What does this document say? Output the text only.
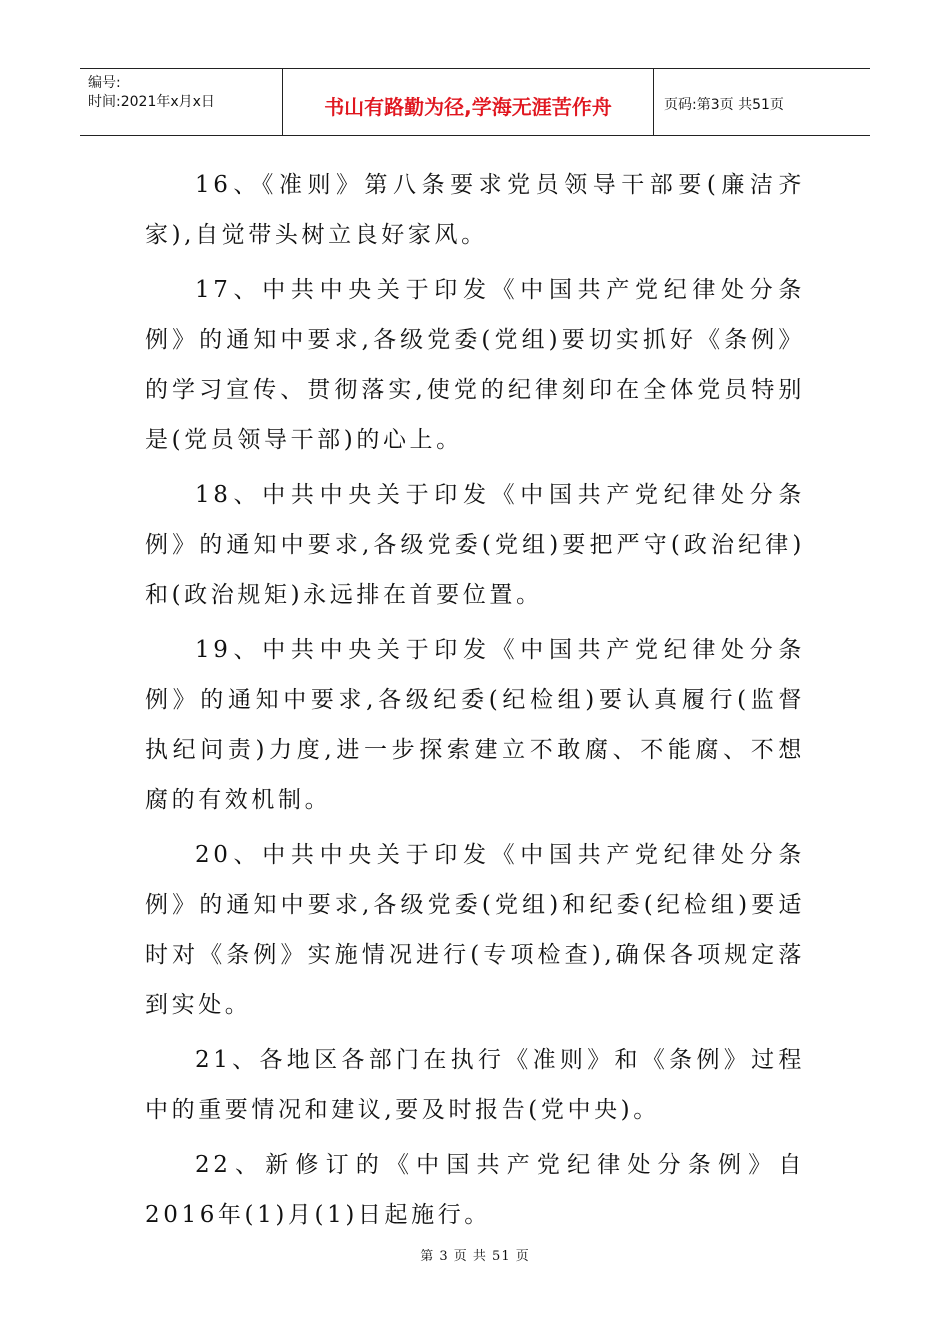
编号:
时间:2021年x月x日	书山有路勤为径,学海无涯苦作舟	页码:第3页 共51页

16、《准则》第八条要求党员领导干部要(廉洁齐家),自觉带头树立良好家风。

17、中共中央关于印发《中国共产党纪律处分条例》的通知中要求,各级党委(党组)要切实抓好《条例》的学习宣传、贯彻落实,使党的纪律刻印在全体党员特别是(党员领导干部)的心上。

18、中共中央关于印发《中国共产党纪律处分条例》的通知中要求,各级党委(党组)要把严守(政治纪律)和(政治规矩)永远排在首要位置。

19、中共中央关于印发《中国共产党纪律处分条例》的通知中要求,各级纪委(纪检组)要认真履行(监督执纪问责)力度,进一步探索建立不敢腐、不能腐、不想腐的有效机制。

20、中共中央关于印发《中国共产党纪律处分条例》的通知中要求,各级党委(党组)和纪委(纪检组)要适时对《条例》实施情况进行(专项检查),确保各项规定落到实处。

21、各地区各部门在执行《准则》和《条例》过程中的重要情况和建议,要及时报告(党中央)。

22、新修订的《中国共产党纪律处分条例》自2016年(1)月(1)日起施行。

第 3 页 共 51 页
